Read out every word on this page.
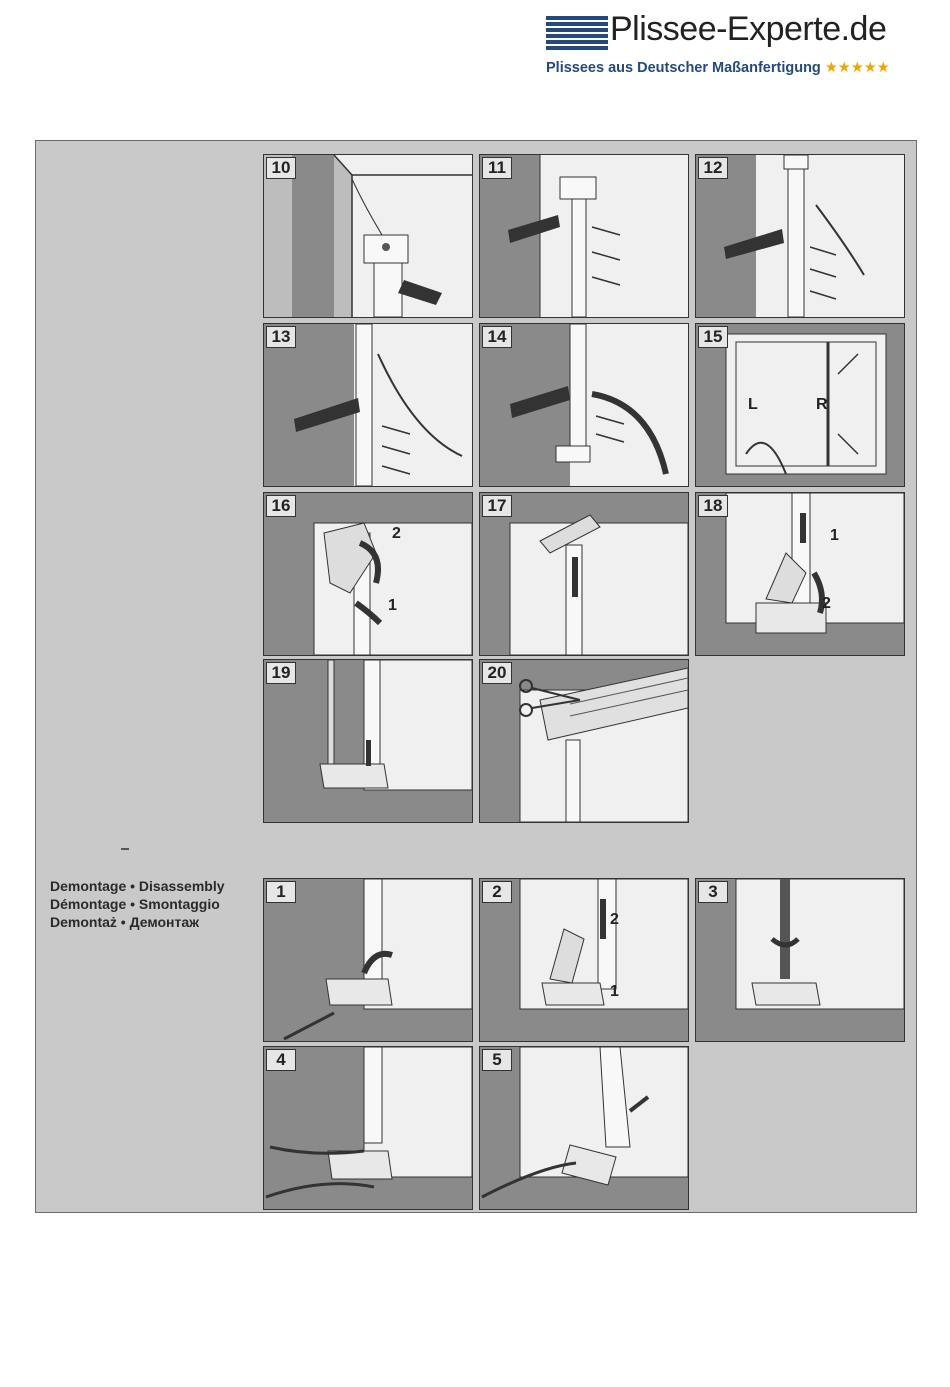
Plissee-Experte.de
Plissees aus Deutscher Maßanfertigung ★★★★★
10	11	12
13	14	15
L	R
16
2
1
17	18
1
2
19	20
Demontage • Disassembly
Démontage • Smontaggio
Demontaż • Демонтаж
1	2
2
1
3
4	5
